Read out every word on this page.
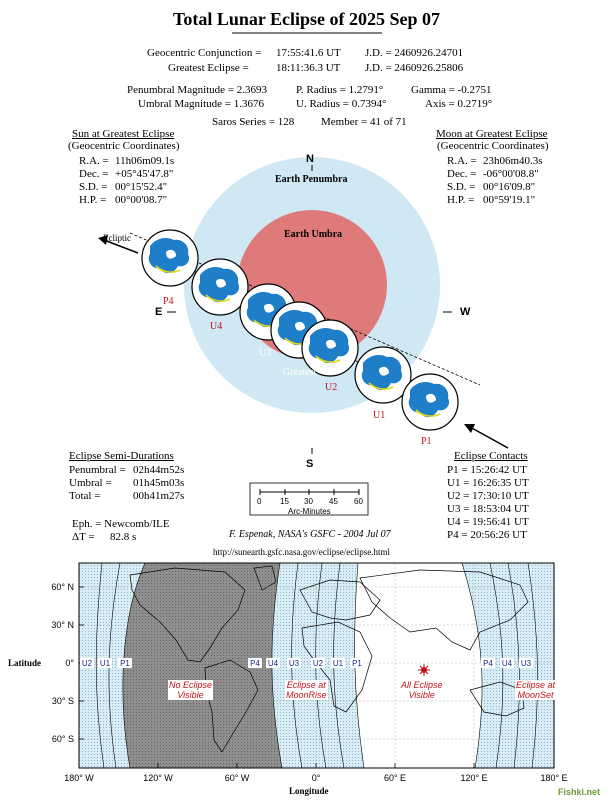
U2 U1 P1	P4 U4 U3 U2 U1 P1	P4 U4 U3
Total Lunar Eclipse of 2025 Sep 07
Geocentric Conjunction = 17:55:41.6 UT J.D. = 2460926.24701
Greatest Eclipse = 18:11:36.3 UT J.D. = 2460926.25806
Penumbral Magnitude = 2.3693	P. Radius = 1.2791°	Gamma = -0.2751
Umbral Magnitude = 1.3676	U. Radius = 0.7394°	Axis = 0.2719°
Saros Series = 128 Member = 41 of 71
Sun at Greatest Eclipse
(Geocentric Coordinates)
R.A. = 11h06m09.1s
Dec. = +05°45'47.8"
S.D. = 00°15'52.4"
H.P. = 00°00'08.7"
Moon at Greatest Eclipse
(Geocentric Coordinates)
R.A. = 23h06m40.3s
Dec. = -06°00'08.8"
S.D. = 00°16'09.8"
H.P. = 00°59'19.1"
N
Earth Penumbra
Earth Umbra
Ecliptic
E	W
S
P4
U4
U3
Greatest
U2
U1
P1
Eclipse Semi-Durations
Penumbral = 02h44m52s
Umbral = 01h45m03s
Total =	00h41m27s
Eph. = Newcomb/ILE
ΔT = 82.8 s
0 15 30 45 60
Arc-Minutes
Eclipse Contacts
P1 = 15:26:42 UT
U1 = 16:26:35 UT
U2 = 17:30:10 UT
U3 = 18:53:04 UT
U4 = 19:56:41 UT
P4 = 20:56:26 UT
F. Espenak, NASA's GSFC - 2004 Jul 07
http://sunearth.gsfc.nasa.gov/eclipse/eclipse.html
60° N
30° N
0°
30° S
60° S
180° W	120° W	60° W	0°	60° E	120° E	180° E
Latitude
Longitude
No Eclipse
Visible
Eclipse at
MoonRise
All Eclipse
Visible
Eclipse at
MoonSet
Fishki.net
